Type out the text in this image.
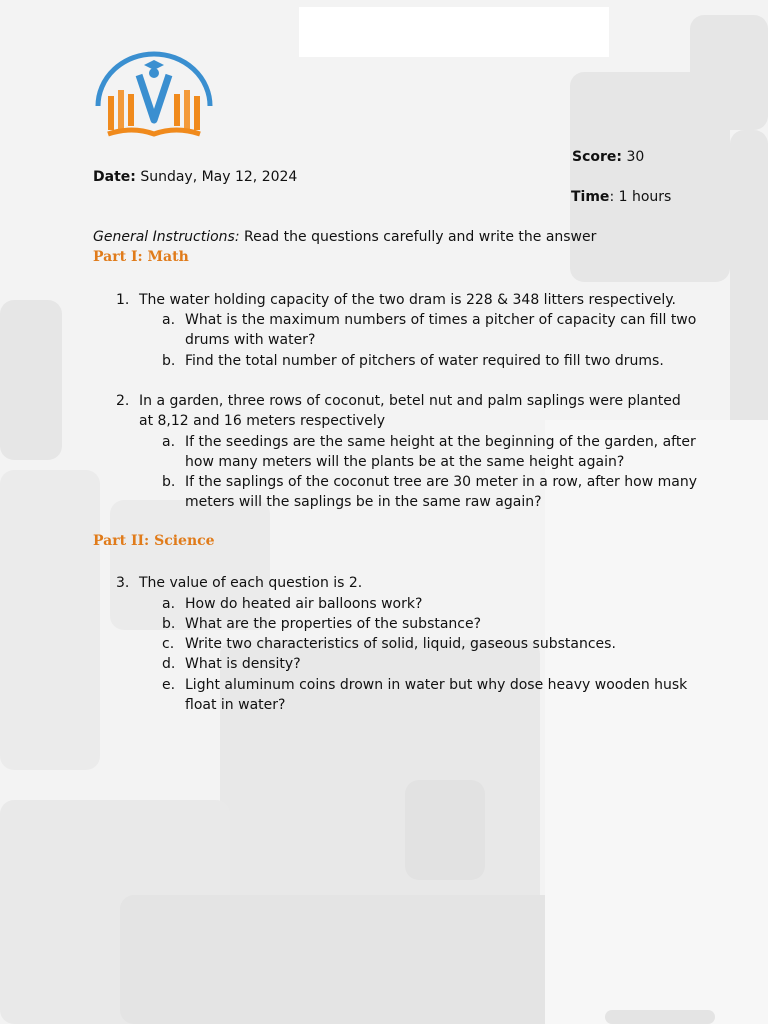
Score: 30
Date: Sunday, May 12, 2024
Time: 1 hours
General Instructions: Read the questions carefully and write the answer
Part I: Math
1. The water holding capacity of the two dram is 228 & 348 litters respectively.
a. What is the maximum numbers of times a pitcher of capacity can fill two
drums with water?
b. Find the total number of pitchers of water required to fill two drums.
2. In a garden, three rows of coconut, betel nut and palm saplings were planted
at 8,12 and 16 meters respectively
a. If the seedings are the same height at the beginning of the garden, after
how many meters will the plants be at the same height again?
b. If the saplings of the coconut tree are 30 meter in a row, after how many
meters will the saplings be in the same raw again?
Part II: Science
3. The value of each question is 2.
a. How do heated air balloons work?
b. What are the properties of the substance?
c. Write two characteristics of solid, liquid, gaseous substances.
d. What is density?
e. Light aluminum coins drown in water but why dose heavy wooden husk
float in water?
